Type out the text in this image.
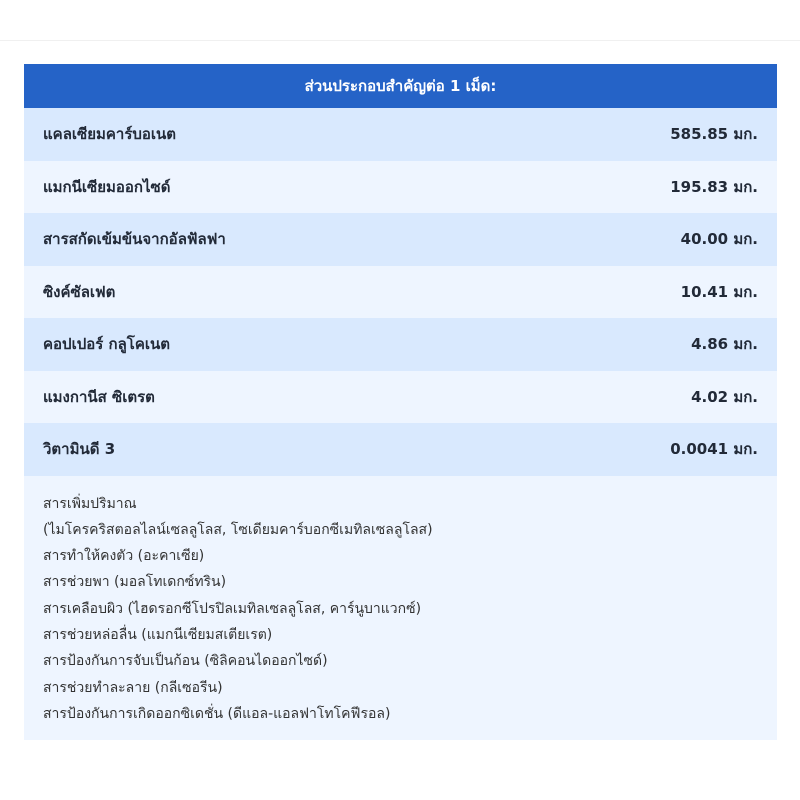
ส่วนประกอบสำคัญต่อ 1 เม็ด:
แคลเซียมคาร์บอเนต	585.85 มก.
แมกนีเซียมออกไซด์	195.83 มก.
สารสกัดเข้มข้นจากอัลฟัลฟา	40.00 มก.
ซิงค์ซัลเฟต	10.41 มก.
คอปเปอร์ กลูโคเนต	4.86 มก.
แมงกานีส ซิเตรต	4.02 มก.
วิตามินดี 3	0.0041 มก.
สารเพิ่มปริมาณ
(ไมโครคริสตอลไลน์เซลลูโลส, โซเดียมคาร์บอกซีเมทิลเซลลูโลส)
สารทำให้คงตัว (อะคาเซีย)
สารช่วยพา (มอลโทเดกซ์ทริน)
สารเคลือบผิว (ไฮดรอกซีโปรปิลเมทิลเซลลูโลส, คาร์นูบาแวกซ์)
สารช่วยหล่อลื่น (แมกนีเซียมสเตียเรต)
สารป้องกันการจับเป็นก้อน (ซิลิคอนไดออกไซด์)
สารช่วยทำละลาย (กลีเซอรีน)
สารป้องกันการเกิดออกซิเดชั่น (ดีแอล-แอลฟาโทโคฟีรอล)
